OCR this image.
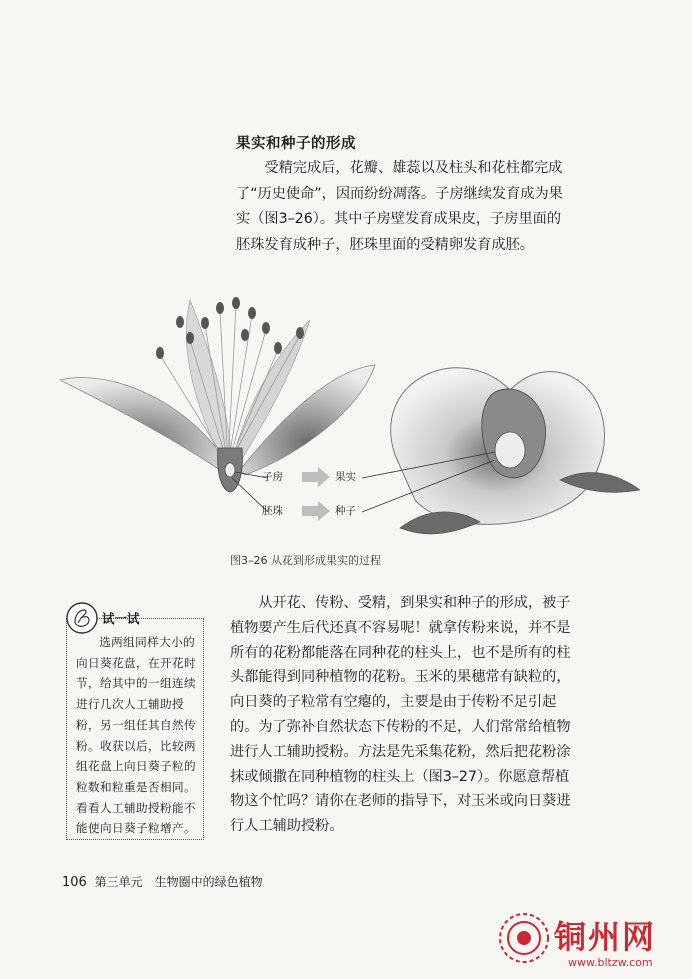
果实和种子的形成
受精完成后，花瓣、雄蕊以及柱头和花柱都完成了“历史使命”，因而纷纷凋落。子房继续发育成为果实（图3–26）。其中子房壁发育成果皮，子房里面的胚珠发育成种子，胚珠里面的受精卵发育成胚。
子房	果实
胚珠	种子
图3–26 从花到形成果实的过程
试一试
选两组同样大小的向日葵花盘，在开花时节，给其中的一组连续进行几次人工辅助授粉，另一组任其自然传粉。收获以后，比较两组花盘上向日葵子粒的粒数和粒重是否相同。看看人工辅助授粉能不能使向日葵子粒增产。
从开花、传粉、受精，到果实和种子的形成，被子植物要产生后代还真不容易呢！就拿传粉来说，并不是所有的花粉都能落在同种花的柱头上，也不是所有的柱头都能得到同种植物的花粉。玉米的果穗常有缺粒的，向日葵的子粒常有空瘪的，主要是由于传粉不足引起的。为了弥补自然状态下传粉的不足，人们常常给植物进行人工辅助授粉。方法是先采集花粉，然后把花粉涂抹或倾撒在同种植物的柱头上（图3–27）。你愿意帮植物这个忙吗？请你在老师的指导下，对玉米或向日葵进行人工辅助授粉。
106 第三单元　生物圈中的绿色植物
铜州网
www.bltzw.com
